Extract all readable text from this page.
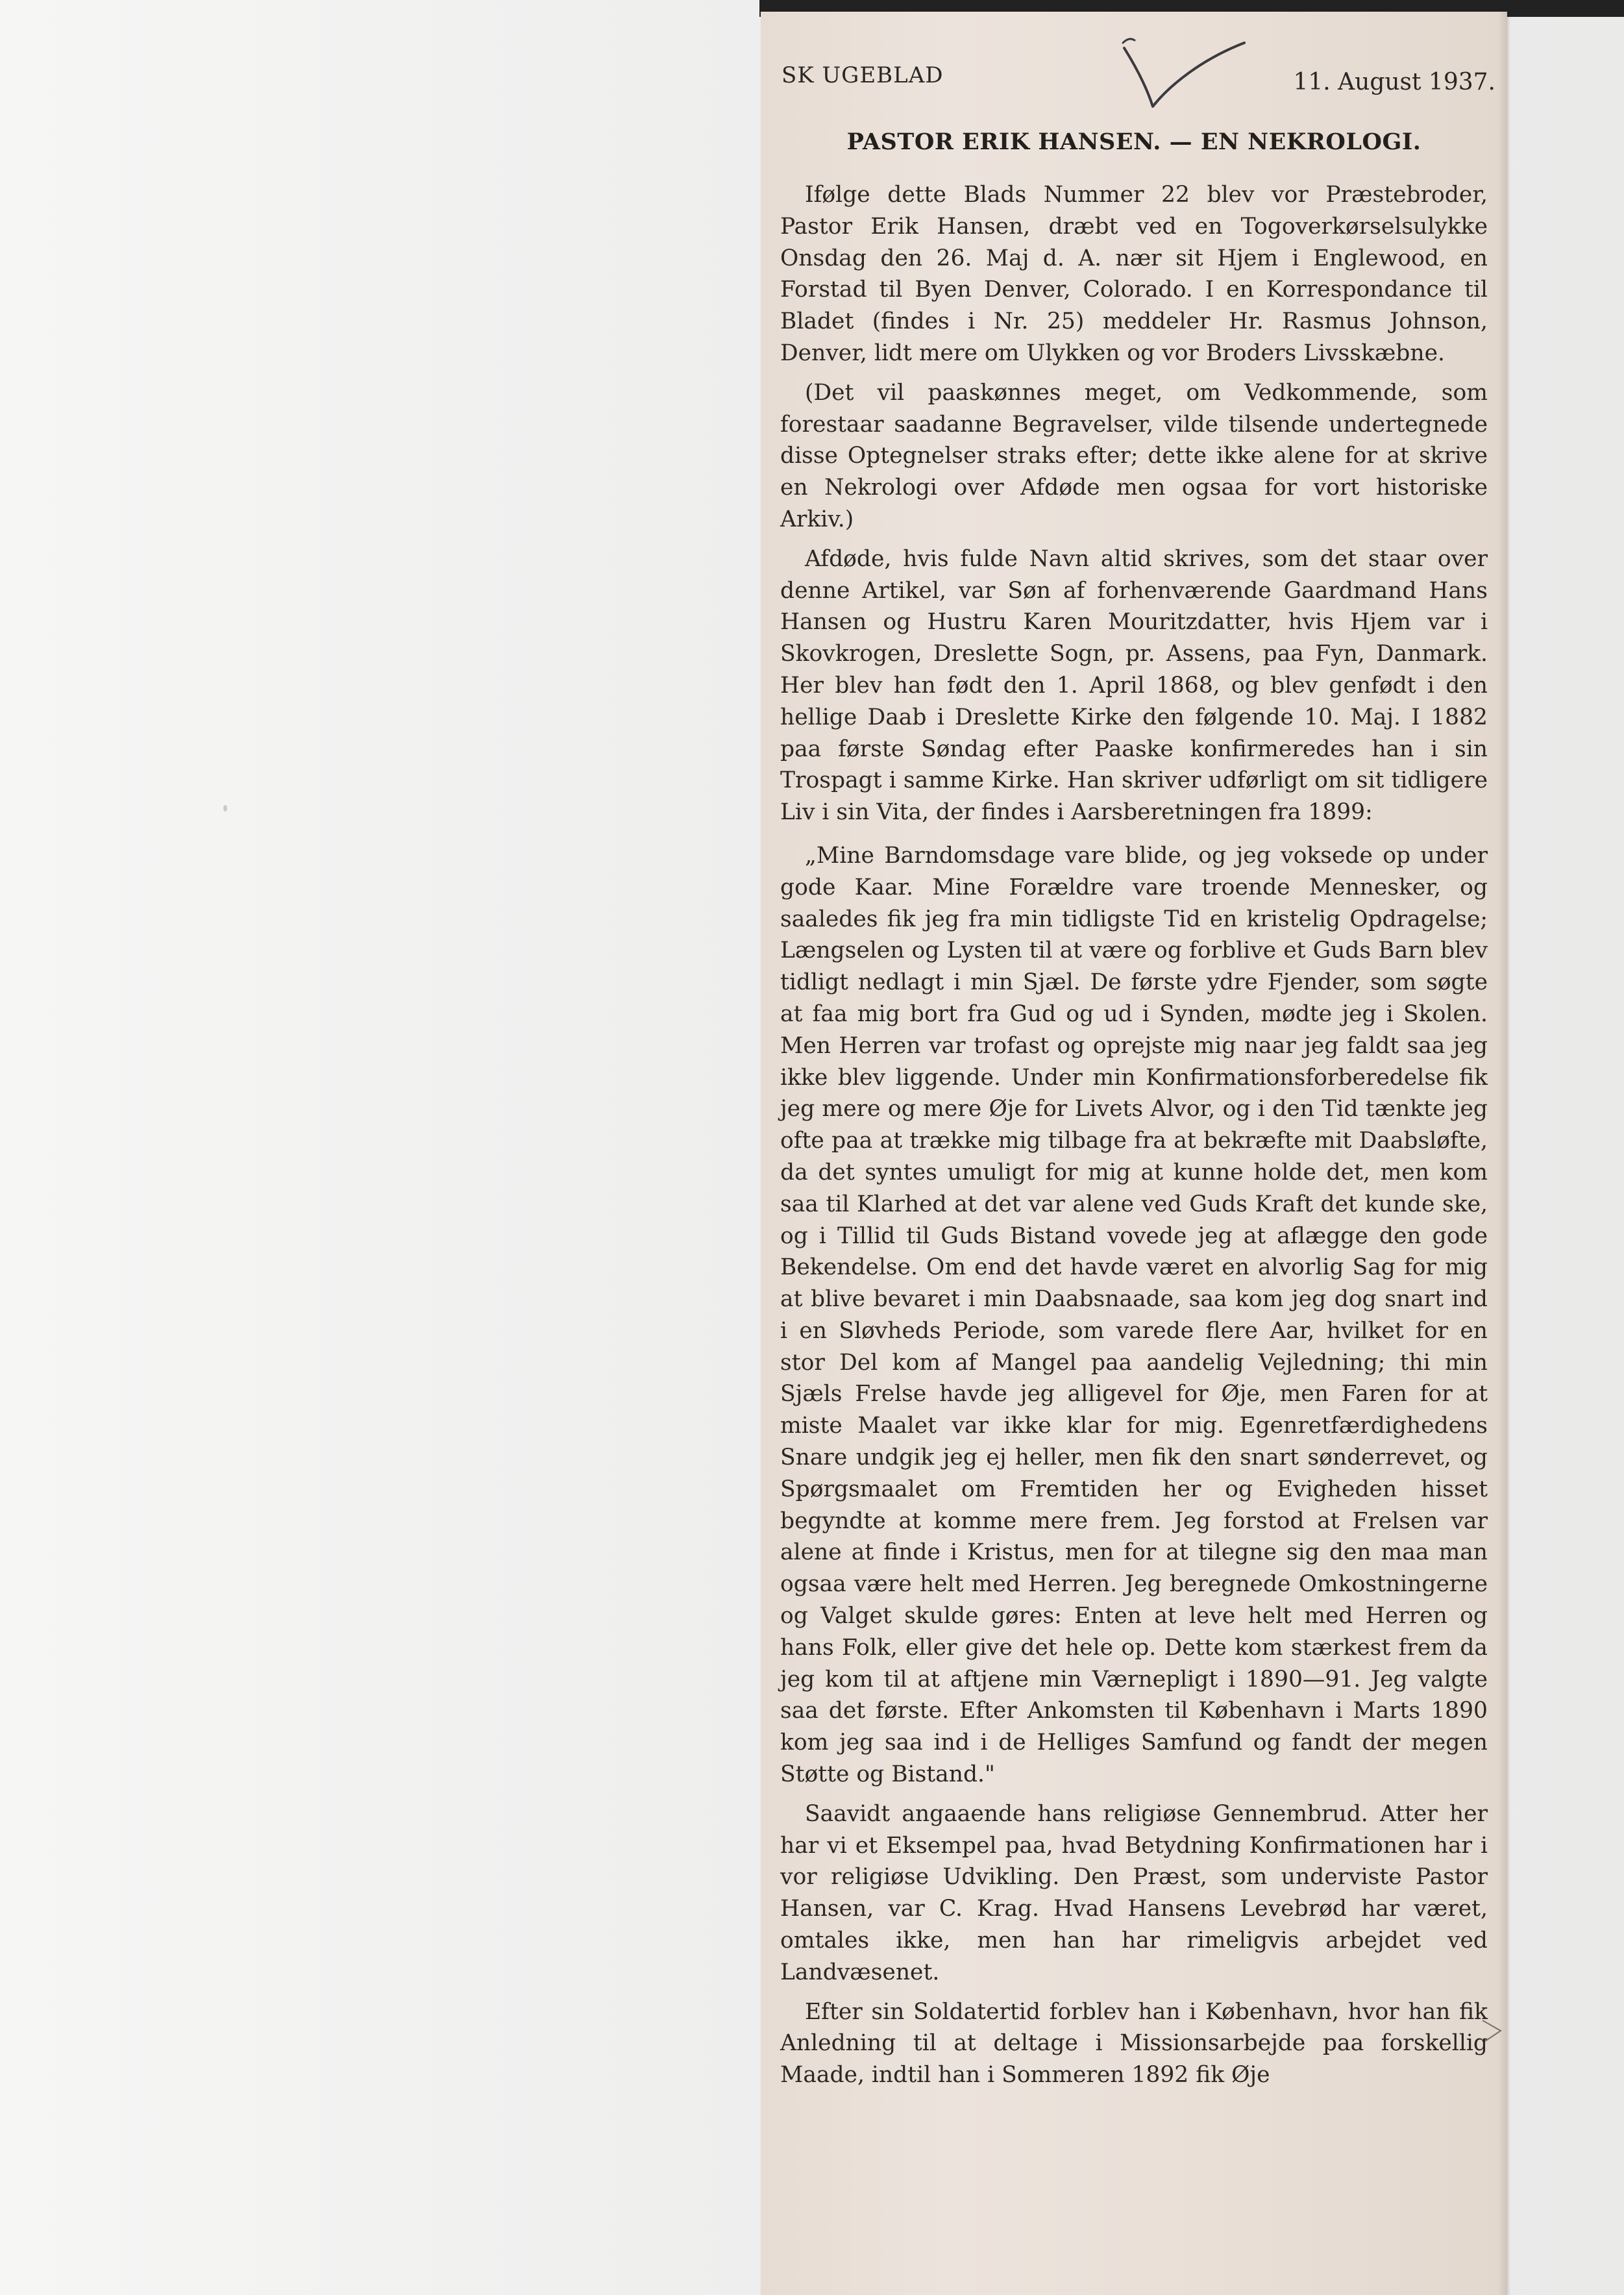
SK UGEBLAD	11. August 1937.
PASTOR ERIK HANSEN. — EN NEKROLOGI.

Ifølge dette Blads Nummer 22 blev vor Præstebroder, Pastor Erik Hansen, dræbt ved en Togoverkørselsulykke Onsdag den 26. Maj d. A. nær sit Hjem i Englewood, en Forstad til Byen Denver, Colorado. I en Korrespondance til Bladet (findes i Nr. 25) meddeler Hr. Rasmus Johnson, Denver, lidt mere om Ulykken og vor Broders Livsskæbne.

(Det vil paaskønnes meget, om Vedkommende, som forestaar saadanne Begravelser, vilde tilsende undertegnede disse Optegnelser straks efter; dette ikke alene for at skrive en Nekrologi over Afdøde men ogsaa for vort historiske Arkiv.)

Afdøde, hvis fulde Navn altid skrives, som det staar over denne Artikel, var Søn af forhenværende Gaardmand Hans Hansen og Hustru Karen Mouritzdatter, hvis Hjem var i Skovkrogen, Dreslette Sogn, pr. Assens, paa Fyn, Danmark. Her blev han født den 1. April 1868, og blev genfødt i den hellige Daab i Dreslette Kirke den følgende 10. Maj. I 1882 paa første Søndag efter Paaske konfirmeredes han i sin Trospagt i samme Kirke. Han skriver udførligt om sit tidligere Liv i sin Vita, der findes i Aarsberetningen fra 1899:

„Mine Barndomsdage vare blide, og jeg voksede op under gode Kaar. Mine Forældre vare troende Mennesker, og saaledes fik jeg fra min tidligste Tid en kristelig Opdragelse; Længselen og Lysten til at være og forblive et Guds Barn blev tidligt nedlagt i min Sjæl. De første ydre Fjender, som søgte at faa mig bort fra Gud og ud i Synden, mødte jeg i Skolen. Men Herren var trofast og oprejste mig naar jeg faldt saa jeg ikke blev liggende. Under min Konfirmationsforberedelse fik jeg mere og mere Øje for Livets Alvor, og i den Tid tænkte jeg ofte paa at trække mig tilbage fra at bekræfte mit Daabsløfte, da det syntes umuligt for mig at kunne holde det, men kom saa til Klarhed at det var alene ved Guds Kraft det kunde ske, og i Tillid til Guds Bistand vovede jeg at aflægge den gode Bekendelse. Om end det havde været en alvorlig Sag for mig at blive bevaret i min Daabsnaade, saa kom jeg dog snart ind i en Sløvheds Periode, som varede flere Aar, hvilket for en stor Del kom af Mangel paa aandelig Vejledning; thi min Sjæls Frelse havde jeg alligevel for Øje, men Faren for at miste Maalet var ikke klar for mig. Egenretfærdighedens Snare undgik jeg ej heller, men fik den snart sønderrevet, og Spørgsmaalet om Fremtiden her og Evigheden hisset begyndte at komme mere frem. Jeg forstod at Frelsen var alene at finde i Kristus, men for at tilegne sig den maa man ogsaa være helt med Herren. Jeg beregnede Omkostningerne og Valget skulde gøres: Enten at leve helt med Herren og hans Folk, eller give det hele op. Dette kom stærkest frem da jeg kom til at aftjene min Værnepligt i 1890—91. Jeg valgte saa det første. Efter Ankomsten til København i Marts 1890 kom jeg saa ind i de Helliges Samfund og fandt der megen Støtte og Bistand."

Saavidt angaaende hans religiøse Gennembrud. Atter her har vi et Eksempel paa, hvad Betydning Konfirmationen har i vor religiøse Udvikling. Den Præst, som underviste Pastor Hansen, var C. Krag. Hvad Hansens Levebrød har været, omtales ikke, men han har rimeligvis arbejdet ved Landvæsenet.

Efter sin Soldatertid forblev han i København, hvor han fik Anledning til at deltage i Missionsarbejde paa forskellig Maade, indtil han i Sommeren 1892 fik Øje
